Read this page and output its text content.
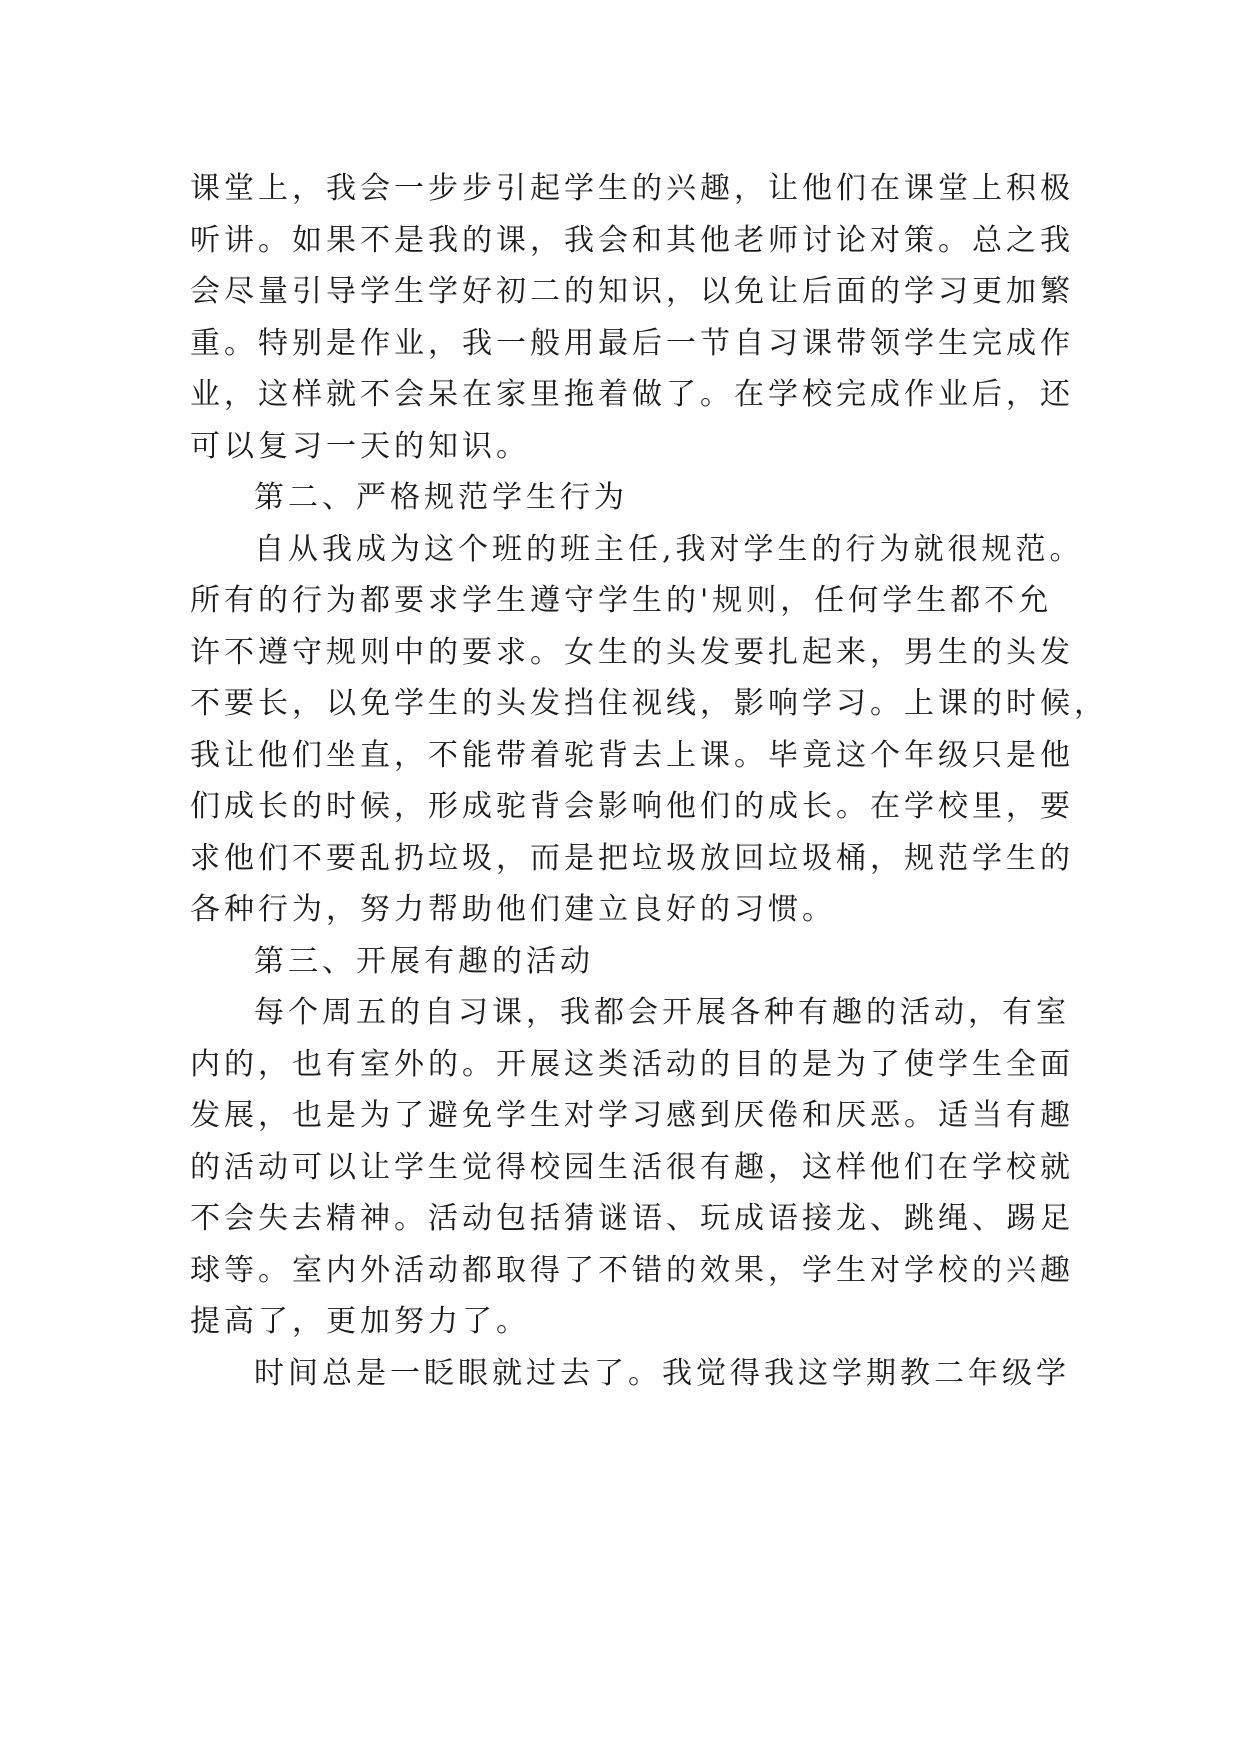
课堂上，我会一步步引起学生的兴趣，让他们在课堂上积极
听讲。如果不是我的课，我会和其他老师讨论对策。总之我
会尽量引导学生学好初二的知识，以免让后面的学习更加繁
重。特别是作业，我一般用最后一节自习课带领学生完成作
业，这样就不会呆在家里拖着做了。在学校完成作业后，还
可以复习一天的知识。
第二、严格规范学生行为
自从我成为这个班的班主任,我对学生的行为就很规范。
所有的行为都要求学生遵守学生的'规则，任何学生都不允
许不遵守规则中的要求。女生的头发要扎起来，男生的头发
不要长，以免学生的头发挡住视线，影响学习。上课的时候，
我让他们坐直，不能带着驼背去上课。毕竟这个年级只是他
们成长的时候，形成驼背会影响他们的成长。在学校里，要
求他们不要乱扔垃圾，而是把垃圾放回垃圾桶，规范学生的
各种行为，努力帮助他们建立良好的习惯。
第三、开展有趣的活动
每个周五的自习课，我都会开展各种有趣的活动，有室
内的，也有室外的。开展这类活动的目的是为了使学生全面
发展，也是为了避免学生对学习感到厌倦和厌恶。适当有趣
的活动可以让学生觉得校园生活很有趣，这样他们在学校就
不会失去精神。活动包括猜谜语、玩成语接龙、跳绳、踢足
球等。室内外活动都取得了不错的效果，学生对学校的兴趣
提高了，更加努力了。
时间总是一眨眼就过去了。我觉得我这学期教二年级学
